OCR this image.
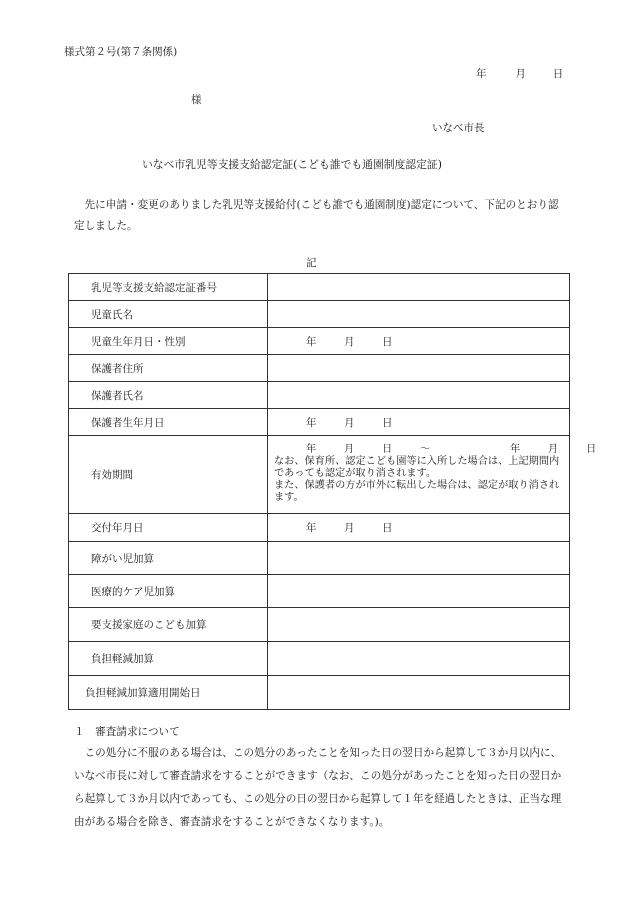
様式第２号(第７条関係)
年	月	日
様
いなべ市長
いなべ市乳児等支援支給認定証(こども誰でも通園制度認定証)
先に申請・変更のありました乳児等支援給付(こども誰でも通園制度)認定について、下記のとおり認定しました。
記
乳児等支援支給認定証番号	
児童氏名	
児童生年月日・性別	年 月 日
保護者住所	
保護者氏名	
保護者生年月日	年 月 日
有効期間	年 月 日 ～ 年 月 日
なお、保育所、認定こども園等に入所した場合は、上記期間内であっても認定が取り消されます。
また、保護者の方が市外に転出した場合は、認定が取り消されます。

交付年月日	年 月 日
障がい児加算	
医療的ケア児加算	
要支援家庭のこども加算	
負担軽減加算	
負担軽減加算適用開始日	
１　審査請求について
この処分に不服のある場合は、この処分のあったことを知った日の翌日から起算して３か月以内に、いなべ市長に対して審査請求をすることができます（なお、この処分があったことを知った日の翌日から起算して３か月以内であっても、この処分の日の翌日から起算して１年を経過したときは、正当な理由がある場合を除き、審査請求をすることができなくなります。)。
